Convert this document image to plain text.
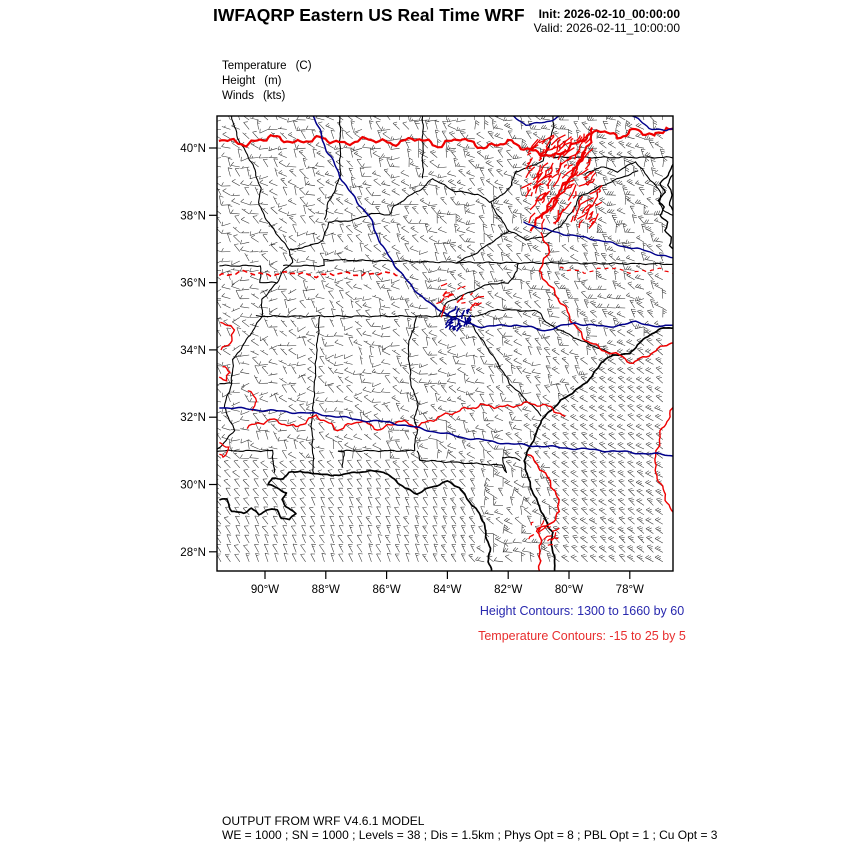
IWFAQRP Eastern US Real Time WRF Init: 2026-02-10_00:00:00
Valid: 2026-02-11_10:00:00
Temperature (C)
Height (m)
Winds (kts)
40°N
38°N
36°N
34°N
32°N
30°N
28°N
90°W	88°W	86°W	84°W	82°W	80°W	78°W
Height Contours: 1300 to 1660 by 60
Temperature Contours: -15 to 25 by 5
OUTPUT FROM WRF V4.6.1 MODEL
WE = 1000 ; SN = 1000 ; Levels = 38 ; Dis = 1.5km ; Phys Opt = 8 ; PBL Opt = 1 ; Cu Opt = 3
